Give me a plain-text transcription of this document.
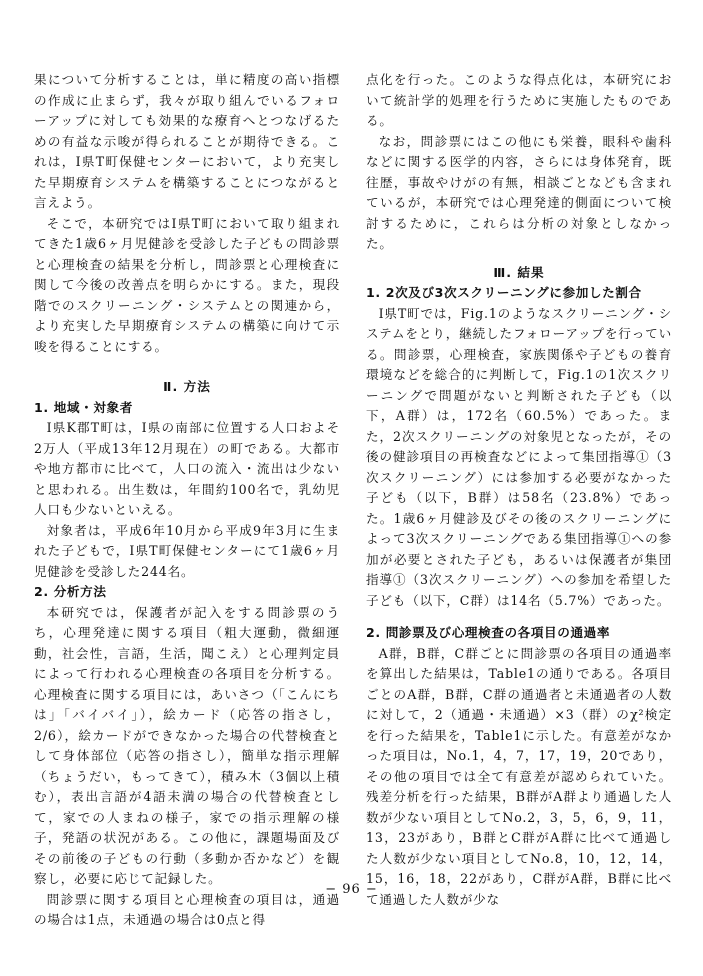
果について分析することは，単に精度の高い指標の作成に止まらず，我々が取り組んでいるフォローアップに対しても効果的な療育へとつなげるための有益な示唆が得られることが期待できる。これは，I県T町保健センターにおいて，より充実した早期療育システムを構築することにつながると言えよう。

そこで，本研究ではI県T町において取り組まれてきた1歳6ヶ月児健診を受診した子どもの問診票と心理検査の結果を分析し，問診票と心理検査に関して今後の改善点を明らかにする。また，現段階でのスクリーニング・システムとの関連から，より充実した早期療育システムの構築に向けて示唆を得ることにする。

Ⅱ. 方法

1. 地域・対象者

I県K郡T町は，I県の南部に位置する人口およそ2万人（平成13年12月現在）の町である。大都市や地方都市に比べて，人口の流入・流出は少ないと思われる。出生数は，年間約100名で，乳幼児人口も少ないといえる。

対象者は，平成6年10月から平成9年3月に生まれた子どもで，I県T町保健センターにて1歳6ヶ月児健診を受診した244名。

2. 分析方法

本研究では，保護者が記入をする問診票のうち，心理発達に関する項目（粗大運動，微細運動，社会性，言語，生活，聞こえ）と心理判定員によって行われる心理検査の各項目を分析する。心理検査に関する項目には，あいさつ（「こんにちは」「バイバイ」），絵カード（応答の指さし，2/6），絵カードができなかった場合の代替検査として身体部位（応答の指さし），簡単な指示理解（ちょうだい，もってきて），積み木（3個以上積む），表出言語が4語未満の場合の代替検査として，家での人まねの様子，家での指示理解の様子，発語の状況がある。この他に，課題場面及びその前後の子どもの行動（多動か否かなど）を観察し，必要に応じて記録した。

問診票に関する項目と心理検査の項目は，通過の場合は1点，未通過の場合は0点と得

点化を行った。このような得点化は，本研究において統計学的処理を行うために実施したものである。

なお，問診票にはこの他にも栄養，眼科や歯科などに関する医学的内容，さらには身体発育，既往歴，事故やけがの有無，相談ごとなども含まれているが，本研究では心理発達的側面について検討するために，これらは分析の対象としなかった。

Ⅲ. 結果

1. 2次及び3次スクリーニングに参加した割合

I県T町では，Fig.1のようなスクリーニング・システムをとり，継続したフォローアップを行っている。問診票，心理検査，家族関係や子どもの養育環境などを総合的に判断して，Fig.1の1次スクリーニングで問題がないと判断された子ども（以下，A群）は，172名（60.5%）であった。また，2次スクリーニングの対象児となったが，その後の健診項目の再検査などによって集団指導①（3次スクリーニング）には参加する必要がなかった子ども（以下，B群）は58名（23.8%）であった。1歳6ヶ月健診及びその後のスクリーニングによって3次スクリーニングである集団指導①への参加が必要とされた子ども，あるいは保護者が集団指導①（3次スクリーニング）への参加を希望した子ども（以下，C群）は14名（5.7%）であった。

2. 問診票及び心理検査の各項目の通過率

A群，B群，C群ごとに問診票の各項目の通過率を算出した結果は，Table1の通りである。各項目ごとのA群，B群，C群の通過者と未通過者の人数に対して，2（通過・未通過）×3（群）のχ²検定を行った結果を，Table1に示した。有意差がなかった項目は，No.1，4，7，17，19，20であり，その他の項目では全て有意差が認められていた。残差分析を行った結果，B群がA群より通過した人数が少ない項目としてNo.2，3，5，6，9，11，13，23があり，B群とC群がA群に比べて通過した人数が少ない項目としてNo.8，10，12，14，15，16，18，22があり，C群がA群，B群に比べて通過した人数が少な

− 96 −
